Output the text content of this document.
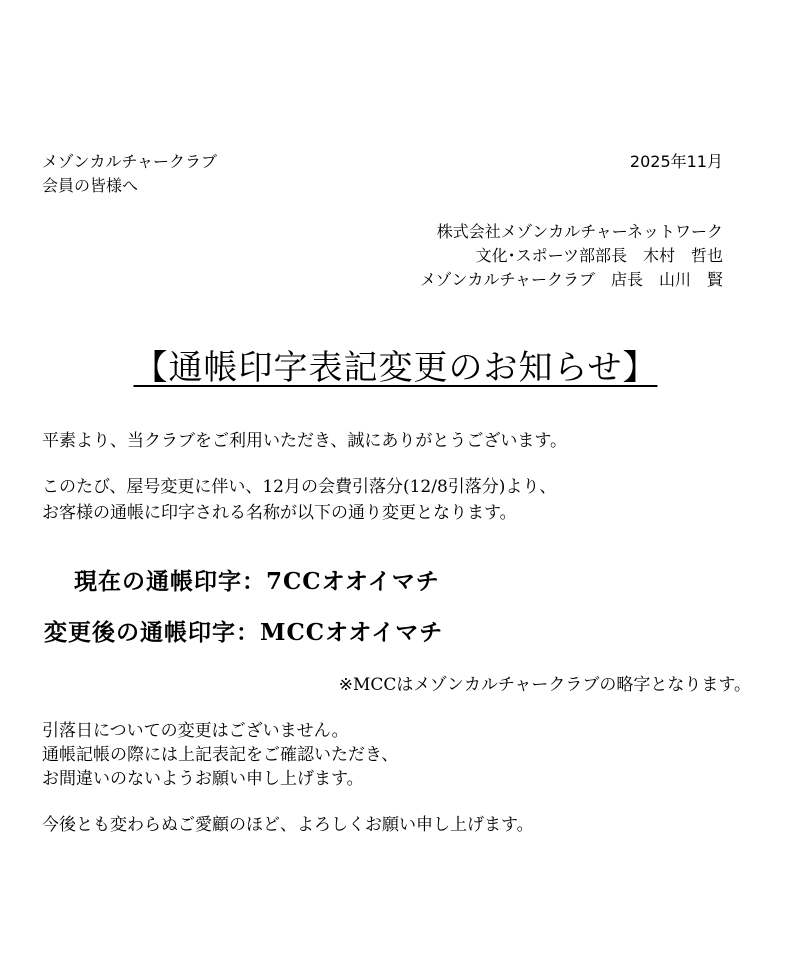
メゾンカルチャークラブ
会員の皆様へ
2025年11月
株式会社メゾンカルチャーネットワーク
文化･スポーツ部部長　木村　哲也
メゾンカルチャークラブ　店長　山川　賢
【通帳印字表記変更のお知らせ】
平素より、当クラブをご利用いただき、誠にありがとうございます。
このたび、屋号変更に伴い、12月の会費引落分(12/8引落分)より、
お客様の通帳に印字される名称が以下の通り変更となります。
現在の通帳印字：7CCオオイマチ
変更後の通帳印字：MCCオオイマチ
※MCCはメゾンカルチャークラブの略字となります。
引落日についての変更はございません。
通帳記帳の際には上記表記をご確認いただき、
お間違いのないようお願い申し上げます。
今後とも変わらぬご愛顧のほど、よろしくお願い申し上げます。
